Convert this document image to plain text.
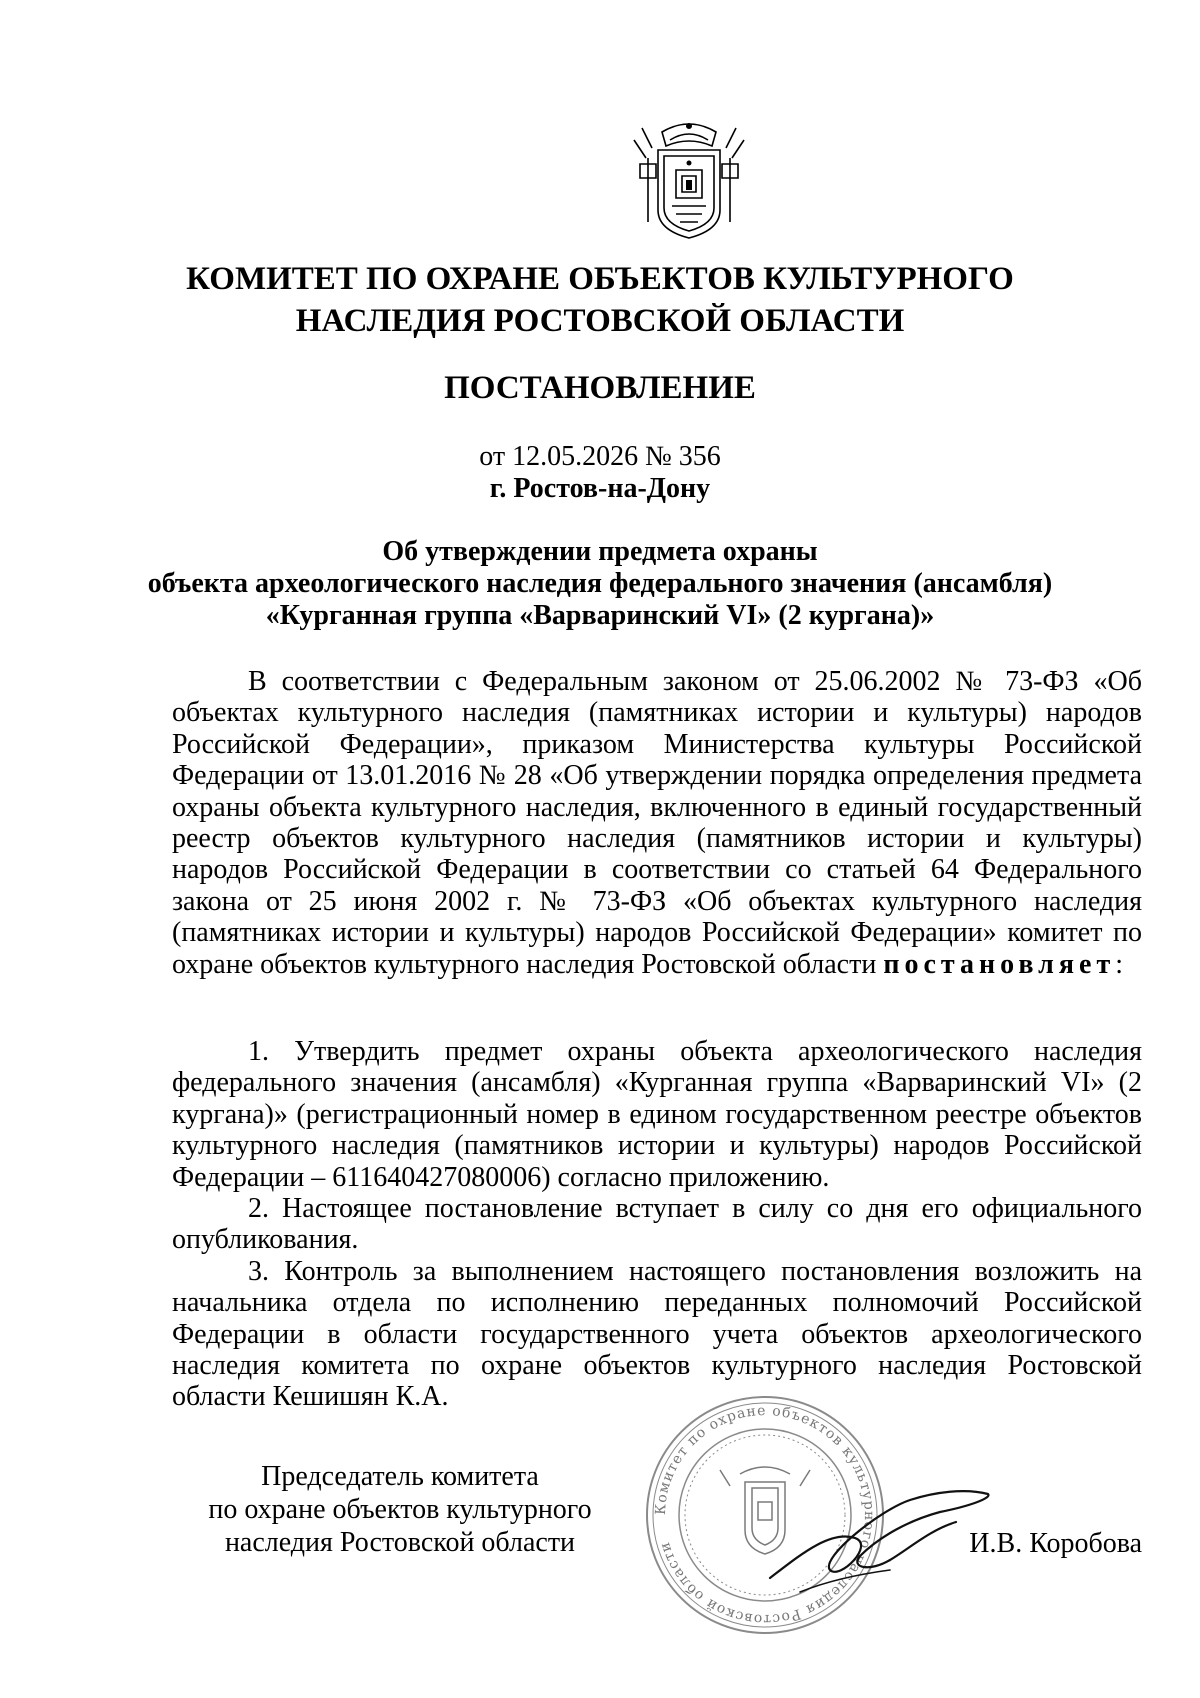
КОМИТЕТ ПО ОХРАНЕ ОБЪЕКТОВ КУЛЬТУРНОГО
НАСЛЕДИЯ РОСТОВСКОЙ ОБЛАСТИ
ПОСТАНОВЛЕНИЕ
от 12.05.2026 № 356
г. Ростов-на-Дону
Об утверждении предмета охраны
объекта археологического наследия федерального значения (ансамбля)
«Курганная группа «Варваринский VI» (2 кургана)»

В соответствии с Федеральным законом от 25.06.2002 № 73-ФЗ «Об объектах культурного наследия (памятниках истории и культуры) народов Российской Федерации», приказом Министерства культуры Российской Федерации от 13.01.2016 № 28 «Об утверждении порядка определения предмета охраны объекта культурного наследия, включенного в единый государственный реестр объектов культурного наследия (памятников истории и культуры) народов Российской Федерации в соответствии со статьей 64 Федерального закона от 25 июня 2002 г. № 73-ФЗ «Об объектах культурного наследия (памятниках истории и культуры) народов Российской Федерации» комитет по охране объектов культурного наследия Ростовской области постановляет:

1. Утвердить предмет охраны объекта археологического наследия федерального значения (ансамбля) «Курганная группа «Варваринский VI» (2 кургана)» (регистрационный номер в едином государственном реестре объектов культурного наследия (памятников истории и культуры) народов Российской Федерации – 611640427080006) согласно приложению.

2. Настоящее постановление вступает в силу со дня его официального опубликования.

3. Контроль за выполнением настоящего постановления возложить на начальника отдела по исполнению переданных полномочий Российской Федерации в области государственного учета объектов археологического наследия комитета по охране объектов культурного наследия Ростовской области Кешишян К.А.

Комитет по охране объектов культурного наследия Ростовской области
Председатель комитета
по охране объектов культурного
наследия Ростовской области	И.В. Коробова
